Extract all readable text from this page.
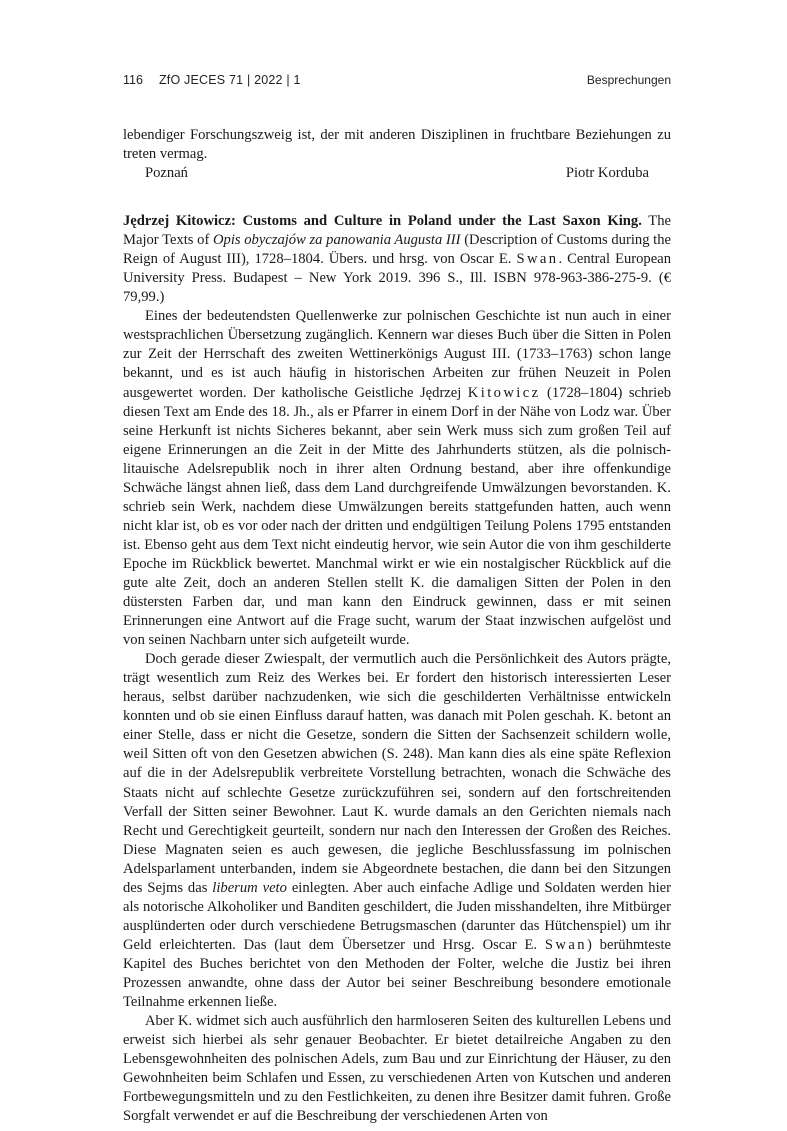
116 ZfO JECES 71 | 2022 | 1	Besprechungen

lebendiger Forschungszweig ist, der mit anderen Disziplinen in fruchtbare Beziehungen zu treten vermag.

Poznań	Piotr Korduba

Jędrzej Kitowicz: Customs and Culture in Poland under the Last Saxon King. The Major Texts of Opis obyczajów za panowania Augusta III (Description of Customs during the Reign of August III), 1728–1804. Übers. und hrsg. von Oscar E. Swan. Central European University Press. Budapest – New York 2019. 396 S., Ill. ISBN 978-963-386-275-9. (€ 79,99.)

Eines der bedeutendsten Quellenwerke zur polnischen Geschichte ist nun auch in einer westsprachlichen Übersetzung zugänglich. Kennern war dieses Buch über die Sitten in Polen zur Zeit der Herrschaft des zweiten Wettinerkönigs August III. (1733–1763) schon lange bekannt, und es ist auch häufig in historischen Arbeiten zur frühen Neuzeit in Polen ausgewertet worden. Der katholische Geistliche Jędrzej Kitowicz (1728–1804) schrieb diesen Text am Ende des 18. Jh., als er Pfarrer in einem Dorf in der Nähe von Lodz war. Über seine Herkunft ist nichts Sicheres bekannt, aber sein Werk muss sich zum großen Teil auf eigene Erinnerungen an die Zeit in der Mitte des Jahrhunderts stützen, als die polnisch-litauische Adelsrepublik noch in ihrer alten Ordnung bestand, aber ihre offenkundige Schwäche längst ahnen ließ, dass dem Land durchgreifende Umwälzungen bevorstanden. K. schrieb sein Werk, nachdem diese Umwälzungen bereits stattgefunden hatten, auch wenn nicht klar ist, ob es vor oder nach der dritten und endgültigen Teilung Polens 1795 entstanden ist. Ebenso geht aus dem Text nicht eindeutig hervor, wie sein Autor die von ihm geschilderte Epoche im Rückblick bewertet. Manchmal wirkt er wie ein nostalgischer Rückblick auf die gute alte Zeit, doch an anderen Stellen stellt K. die damaligen Sitten der Polen in den düstersten Farben dar, und man kann den Eindruck gewinnen, dass er mit seinen Erinnerungen eine Antwort auf die Frage sucht, warum der Staat inzwischen aufgelöst und von seinen Nachbarn unter sich aufgeteilt wurde.

Doch gerade dieser Zwiespalt, der vermutlich auch die Persönlichkeit des Autors prägte, trägt wesentlich zum Reiz des Werkes bei. Er fordert den historisch interessierten Leser heraus, selbst darüber nachzudenken, wie sich die geschilderten Verhältnisse entwickeln konnten und ob sie einen Einfluss darauf hatten, was danach mit Polen geschah. K. betont an einer Stelle, dass er nicht die Gesetze, sondern die Sitten der Sachsenzeit schildern wolle, weil Sitten oft von den Gesetzen abwichen (S. 248). Man kann dies als eine späte Reflexion auf die in der Adelsrepublik verbreitete Vorstellung betrachten, wonach die Schwäche des Staats nicht auf schlechte Gesetze zurückzuführen sei, sondern auf den fortschreitenden Verfall der Sitten seiner Bewohner. Laut K. wurde damals an den Gerichten niemals nach Recht und Gerechtigkeit geurteilt, sondern nur nach den Interessen der Großen des Reiches. Diese Magnaten seien es auch gewesen, die jegliche Beschlussfassung im polnischen Adelsparlament unterbanden, indem sie Abgeordnete bestachen, die dann bei den Sitzungen des Sejms das liberum veto einlegten. Aber auch einfache Adlige und Soldaten werden hier als notorische Alkoholiker und Banditen geschildert, die Juden misshandelten, ihre Mitbürger ausplünderten oder durch verschiedene Betrugsmaschen (darunter das Hütchenspiel) um ihr Geld erleichterten. Das (laut dem Übersetzer und Hrsg. Oscar E. Swan) berühmteste Kapitel des Buches berichtet von den Methoden der Folter, welche die Justiz bei ihren Prozessen anwandte, ohne dass der Autor bei seiner Beschreibung besondere emotionale Teilnahme erkennen ließe.

Aber K. widmet sich auch ausführlich den harmloseren Seiten des kulturellen Lebens und erweist sich hierbei als sehr genauer Beobachter. Er bietet detailreiche Angaben zu den Lebensgewohnheiten des polnischen Adels, zum Bau und zur Einrichtung der Häuser, zu den Gewohnheiten beim Schlafen und Essen, zu verschiedenen Arten von Kutschen und anderen Fortbewegungsmitteln und zu den Festlichkeiten, zu denen ihre Besitzer damit fuhren. Große Sorgfalt verwendet er auf die Beschreibung der verschiedenen Arten von
